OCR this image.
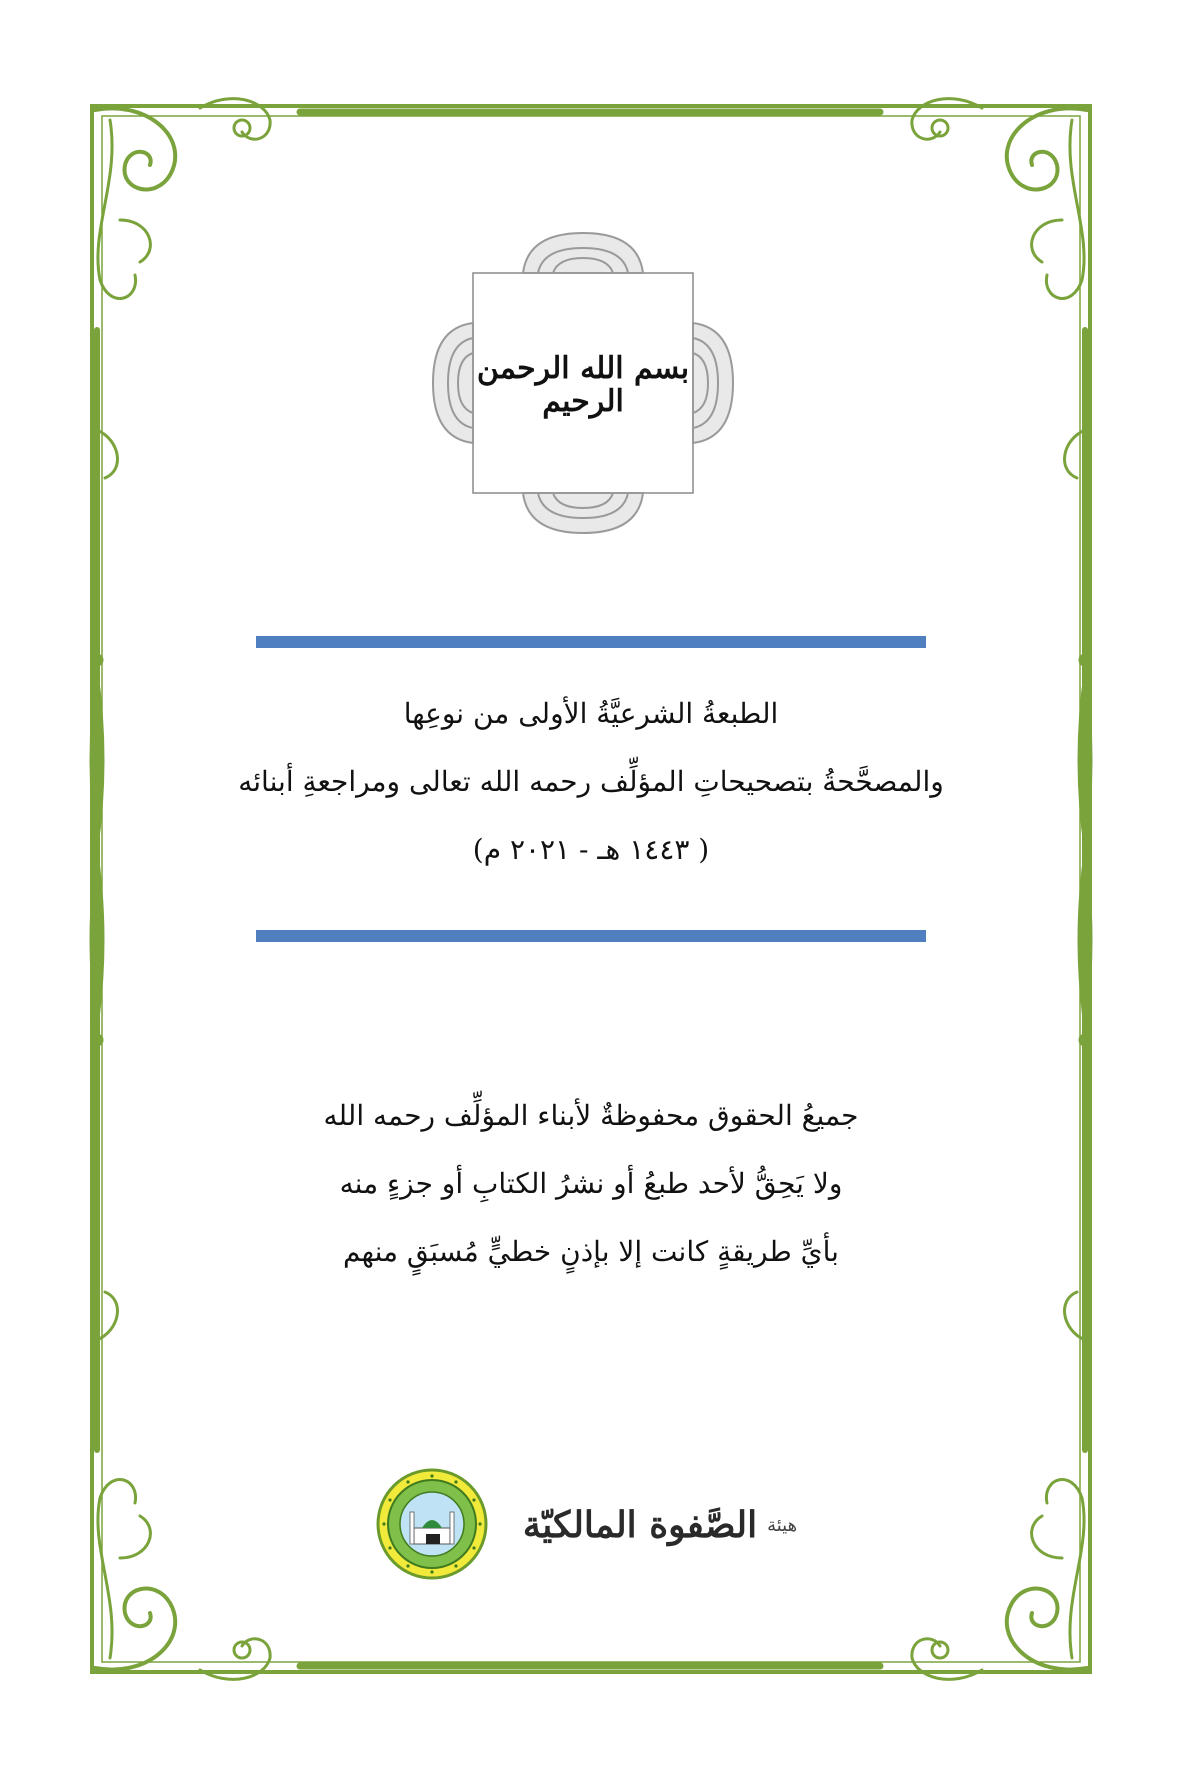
بسم الله الرحمن الرحيم
الطبعةُ الشرعيَّةُ الأولى من نوعِها
والمصحَّحةُ بتصحيحاتِ المؤلِّف رحمه الله تعالى ومراجعةِ أبنائه
( ١٤٤٣ هـ - ٢٠٢١ م)
جميعُ الحقوق محفوظةٌ لأبناء المؤلِّف رحمه الله
ولا يَحِقُّ لأحد طبعُ أو نشرُ الكتابِ أو جزءٍ منه
بأيِّ طريقةٍ كانت إلا بإذنٍ خطيٍّ مُسبَقٍ منهم
هيئة
الصَّفوة المالكيّة
